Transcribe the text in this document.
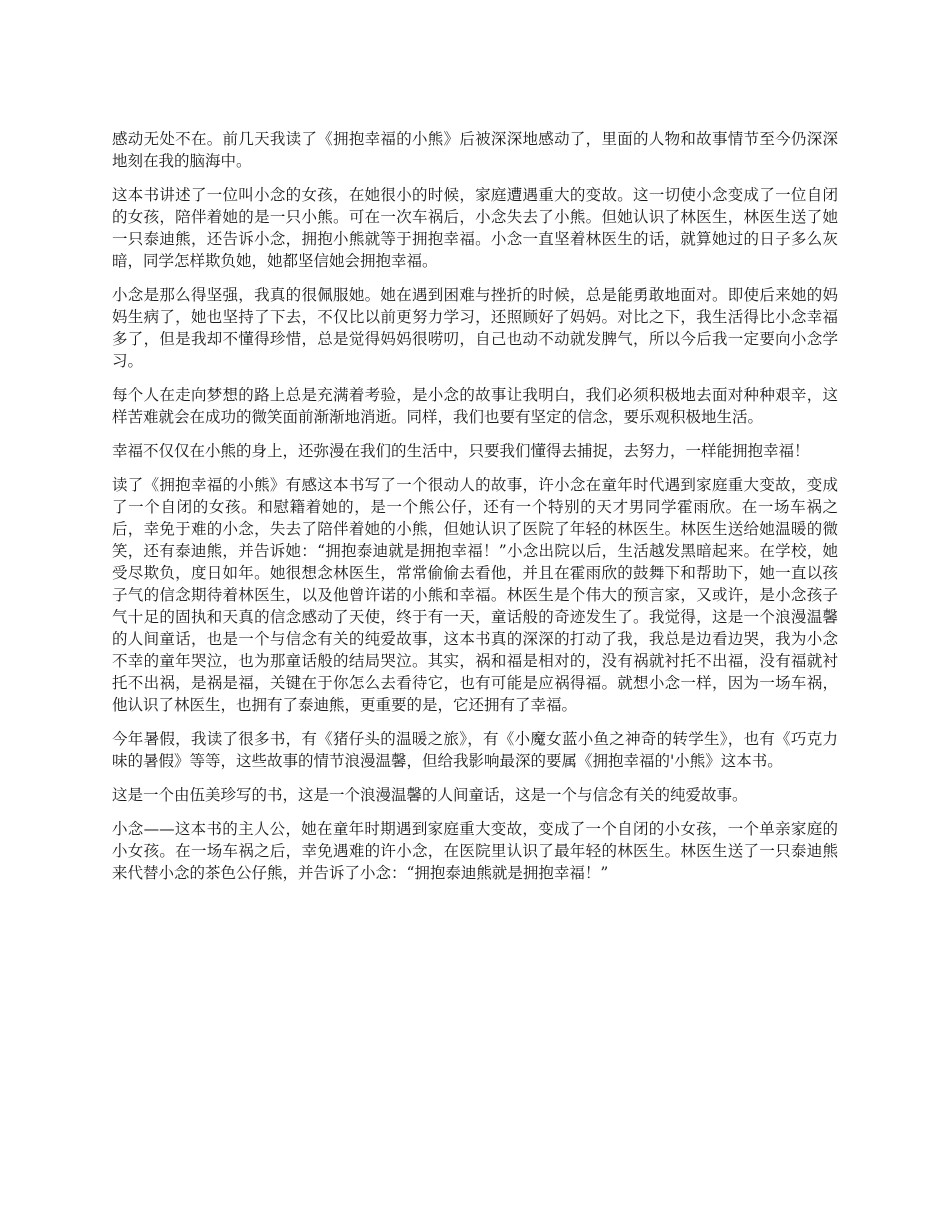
感动无处不在。前几天我读了《拥抱幸福的小熊》后被深深地感动了，里面的人物和故事情节至今仍深深地刻在我的脑海中。

这本书讲述了一位叫小念的女孩，在她很小的时候，家庭遭遇重大的变故。这一切使小念变成了一位自闭的女孩，陪伴着她的是一只小熊。可在一次车祸后，小念失去了小熊。但她认识了林医生，林医生送了她一只泰迪熊，还告诉小念，拥抱小熊就等于拥抱幸福。小念一直坚着林医生的话，就算她过的日子多么灰暗，同学怎样欺负她，她都坚信她会拥抱幸福。

小念是那么得坚强，我真的很佩服她。她在遇到困难与挫折的时候，总是能勇敢地面对。即使后来她的妈妈生病了，她也坚持了下去，不仅比以前更努力学习，还照顾好了妈妈。对比之下，我生活得比小念幸福多了，但是我却不懂得珍惜，总是觉得妈妈很唠叨，自己也动不动就发脾气，所以今后我一定要向小念学习。

每个人在走向梦想的路上总是充满着考验，是小念的故事让我明白，我们必须积极地去面对种种艰辛，这样苦难就会在成功的微笑面前渐渐地消逝。同样，我们也要有坚定的信念，要乐观积极地生活。

幸福不仅仅在小熊的身上，还弥漫在我们的生活中，只要我们懂得去捕捉，去努力，一样能拥抱幸福！

读了《拥抱幸福的小熊》有感这本书写了一个很动人的故事，许小念在童年时代遇到家庭重大变故，变成了一个自闭的女孩。和慰籍着她的，是一个熊公仔，还有一个特别的天才男同学霍雨欣。在一场车祸之后，幸免于难的小念，失去了陪伴着她的小熊，但她认识了医院了年轻的林医生。林医生送给她温暖的微笑，还有泰迪熊，并告诉她：“拥抱泰迪就是拥抱幸福！”小念出院以后，生活越发黑暗起来。在学校，她受尽欺负，度日如年。她很想念林医生，常常偷偷去看他，并且在霍雨欣的鼓舞下和帮助下，她一直以孩子气的信念期待着林医生，以及他曾许诺的小熊和幸福。林医生是个伟大的预言家，又或许，是小念孩子气十足的固执和天真的信念感动了天使，终于有一天，童话般的奇迹发生了。我觉得，这是一个浪漫温馨的人间童话，也是一个与信念有关的纯爱故事，这本书真的深深的打动了我，我总是边看边哭，我为小念不幸的童年哭泣，也为那童话般的结局哭泣。其实，祸和福是相对的，没有祸就衬托不出福，没有福就衬托不出祸，是祸是福，关键在于你怎么去看待它，也有可能是应祸得福。就想小念一样，因为一场车祸，他认识了林医生，也拥有了泰迪熊，更重要的是，它还拥有了幸福。

今年暑假，我读了很多书，有《猪仔头的温暖之旅》，有《小魔女蓝小鱼之神奇的转学生》，也有《巧克力味的暑假》等等，这些故事的情节浪漫温馨，但给我影响最深的要属《拥抱幸福的'小熊》这本书。

这是一个由伍美珍写的书，这是一个浪漫温馨的人间童话，这是一个与信念有关的纯爱故事。

小念——这本书的主人公，她在童年时期遇到家庭重大变故，变成了一个自闭的小女孩，一个单亲家庭的小女孩。在一场车祸之后，幸免遇难的许小念，在医院里认识了最年轻的林医生。林医生送了一只泰迪熊来代替小念的茶色公仔熊，并告诉了小念：“拥抱泰迪熊就是拥抱幸福！”
